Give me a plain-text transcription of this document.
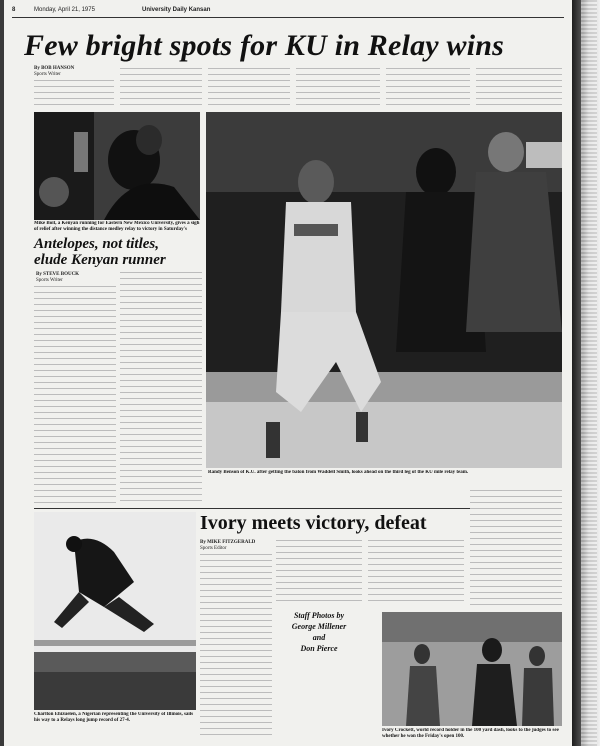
8	Monday, April 21, 1975	University Daily Kansan
Few bright spots for KU in Relay wins
By BOB HANSON
Sports Writer
Mike Boit, a Kenyan running for Eastern New Mexico University, gives a sigh of relief after winning the distance medley relay to victory in Saturday's
Randy Benson of K.U. after getting the baton from Waddell Smith, looks ahead on the third leg of the KU mile relay team.
Antelopes, not titles,
elude Kenyan runner
By STEVE BOUCK
Sports Writer
Ivory meets victory, defeat
By MIKE FITZGERALD
Sports Editor
Staff Photos by
George Millener
and
Don Pierce
Charlton Ehizuelen, a Nigerian representing the University of Illinois, sails his way to a Relays long jump record of 27-4.
Ivory Crockett, world record holder in the 100 yard dash, looks to the judges to see whether he won the Friday's open 100.
